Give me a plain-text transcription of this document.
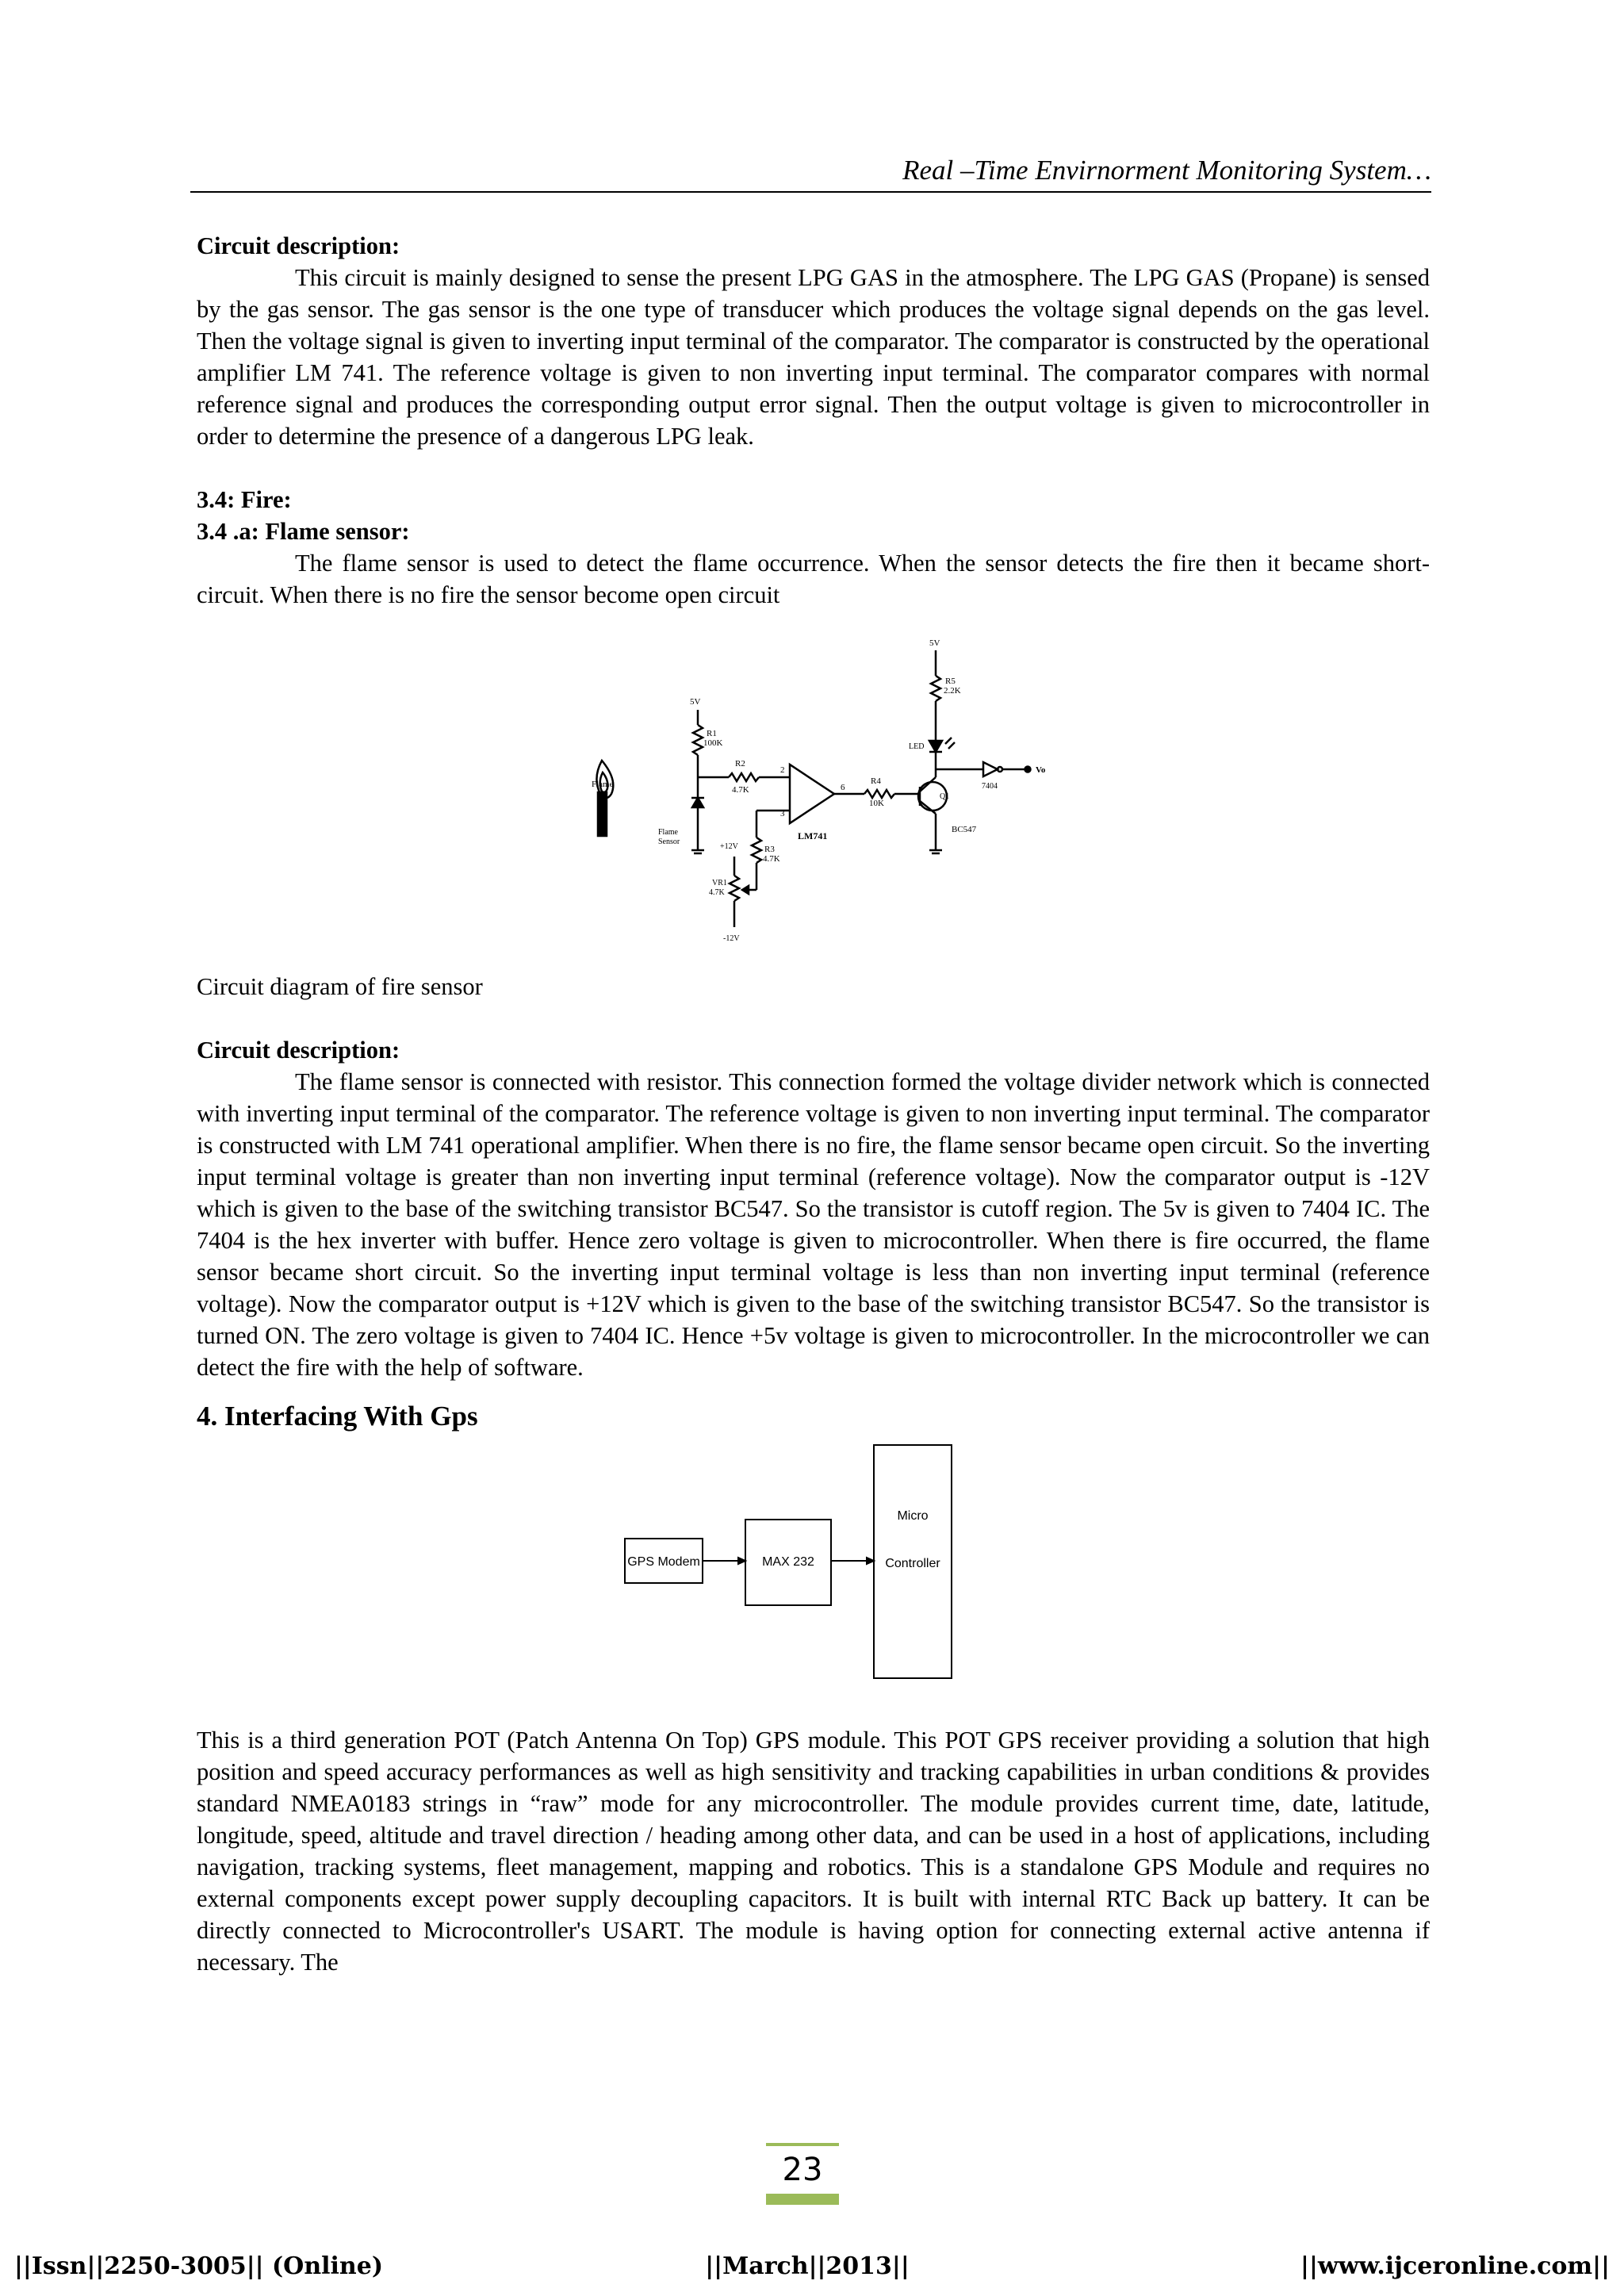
Real –Time Envirnorment Monitoring System…

Circuit description:

This circuit is mainly designed to sense the present LPG GAS in the atmosphere. The LPG GAS (Propane) is sensed by the gas sensor. The gas sensor is the one type of transducer which produces the voltage signal depends on the gas level. Then the voltage signal is given to inverting input terminal of the comparator. The comparator is constructed by the operational amplifier LM 741. The reference voltage is given to non inverting input terminal. The comparator compares with normal reference signal and produces the corresponding output error signal. Then the output voltage is given to microcontroller in order to determine the presence of a dangerous LPG leak.

3.4: Fire:

3.4 .a: Flame sensor:

The flame sensor is used to detect the flame occurrence. When the sensor detects the fire then it became short-circuit. When there is no fire the sensor become open circuit

Flame
5V
R1
100K
Flame
Sensor
R2
4.7K
2
LM741
3
6
R3
4.7K
+12V
VR1
4.7K
-12V
R4
10K
Q1
BC547
5V
R5
2.2K
LED
7404
Vo

Circuit diagram of fire sensor

Circuit description:

The flame sensor is connected with resistor. This connection formed the voltage divider network which is connected with inverting input terminal of the comparator. The reference voltage is given to non inverting input terminal. The comparator is constructed with LM 741 operational amplifier. When there is no fire, the flame sensor became open circuit. So the inverting input terminal voltage is greater than non inverting input terminal (reference voltage). Now the comparator output is -12V which is given to the base of the switching transistor BC547. So the transistor is cutoff region. The 5v is given to 7404 IC. The 7404 is the hex inverter with buffer. Hence zero voltage is given to microcontroller. When there is fire occurred, the flame sensor became short circuit. So the inverting input terminal voltage is less than non inverting input terminal (reference voltage). Now the comparator output is +12V which is given to the base of the switching transistor BC547. So the transistor is turned ON. The zero voltage is given to 7404 IC. Hence +5v voltage is given to microcontroller. In the microcontroller we can detect the fire with the help of software.

4. Interfacing With Gps

GPS Modem	MAX 232
Micro
Controller

This is a third generation POT (Patch Antenna On Top) GPS module. This POT GPS receiver providing a solution that high position and speed accuracy performances as well as high sensitivity and tracking capabilities in urban conditions & provides standard NMEA0183 strings in “raw” mode for any microcontroller. The module provides current time, date, latitude, longitude, speed, altitude and travel direction / heading among other data, and can be used in a host of applications, including navigation, tracking systems, fleet management, mapping and robotics. This is a standalone GPS Module and requires no external components except power supply decoupling capacitors. It is built with internal RTC Back up battery. It can be directly connected to Microcontroller's USART. The module is having option for connecting external active antenna if necessary. The

23
||Issn||2250-3005|| (Online)	||March||2013||	||www.ijceronline.com||
